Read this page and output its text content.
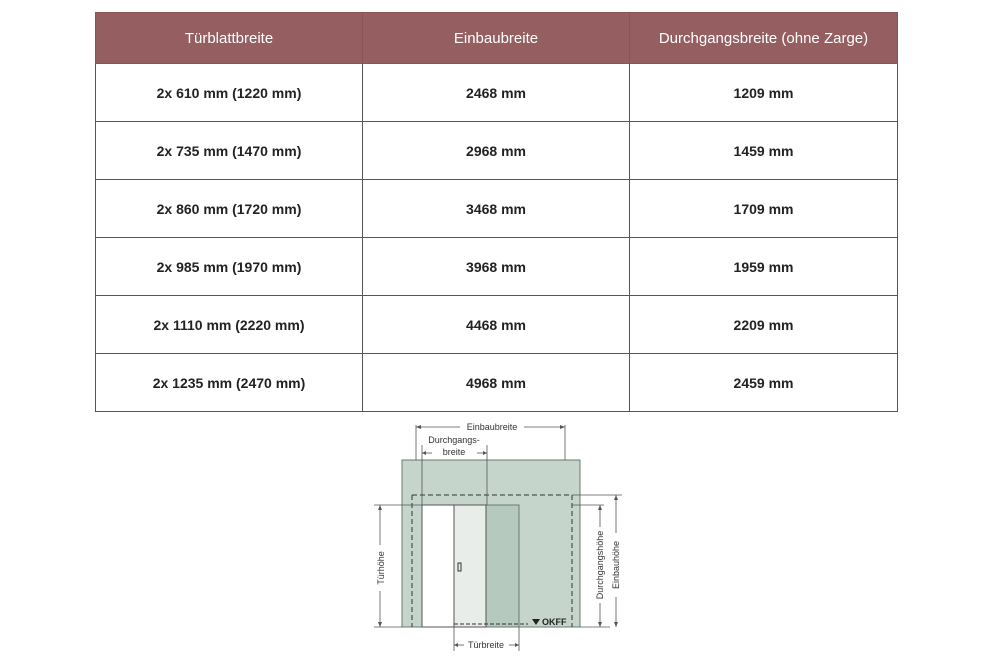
Türblattbreite	Einbaubreite	Durchgangsbreite (ohne Zarge)
2x 610 mm (1220 mm)	2468 mm	1209 mm
2x 735 mm (1470 mm)	2968 mm	1459 mm
2x 860 mm (1720 mm)	3468 mm	1709 mm
2x 985 mm (1970 mm)	3968 mm	1959 mm
2x 1110 mm (2220 mm)	4468 mm	2209 mm
2x 1235 mm (2470 mm)	4968 mm	2459 mm
Einbaubreite
Durchgangs-
breite
Türhöhe	Durchgangshöhe Einbauhöhe
OKFF
Türbreite
